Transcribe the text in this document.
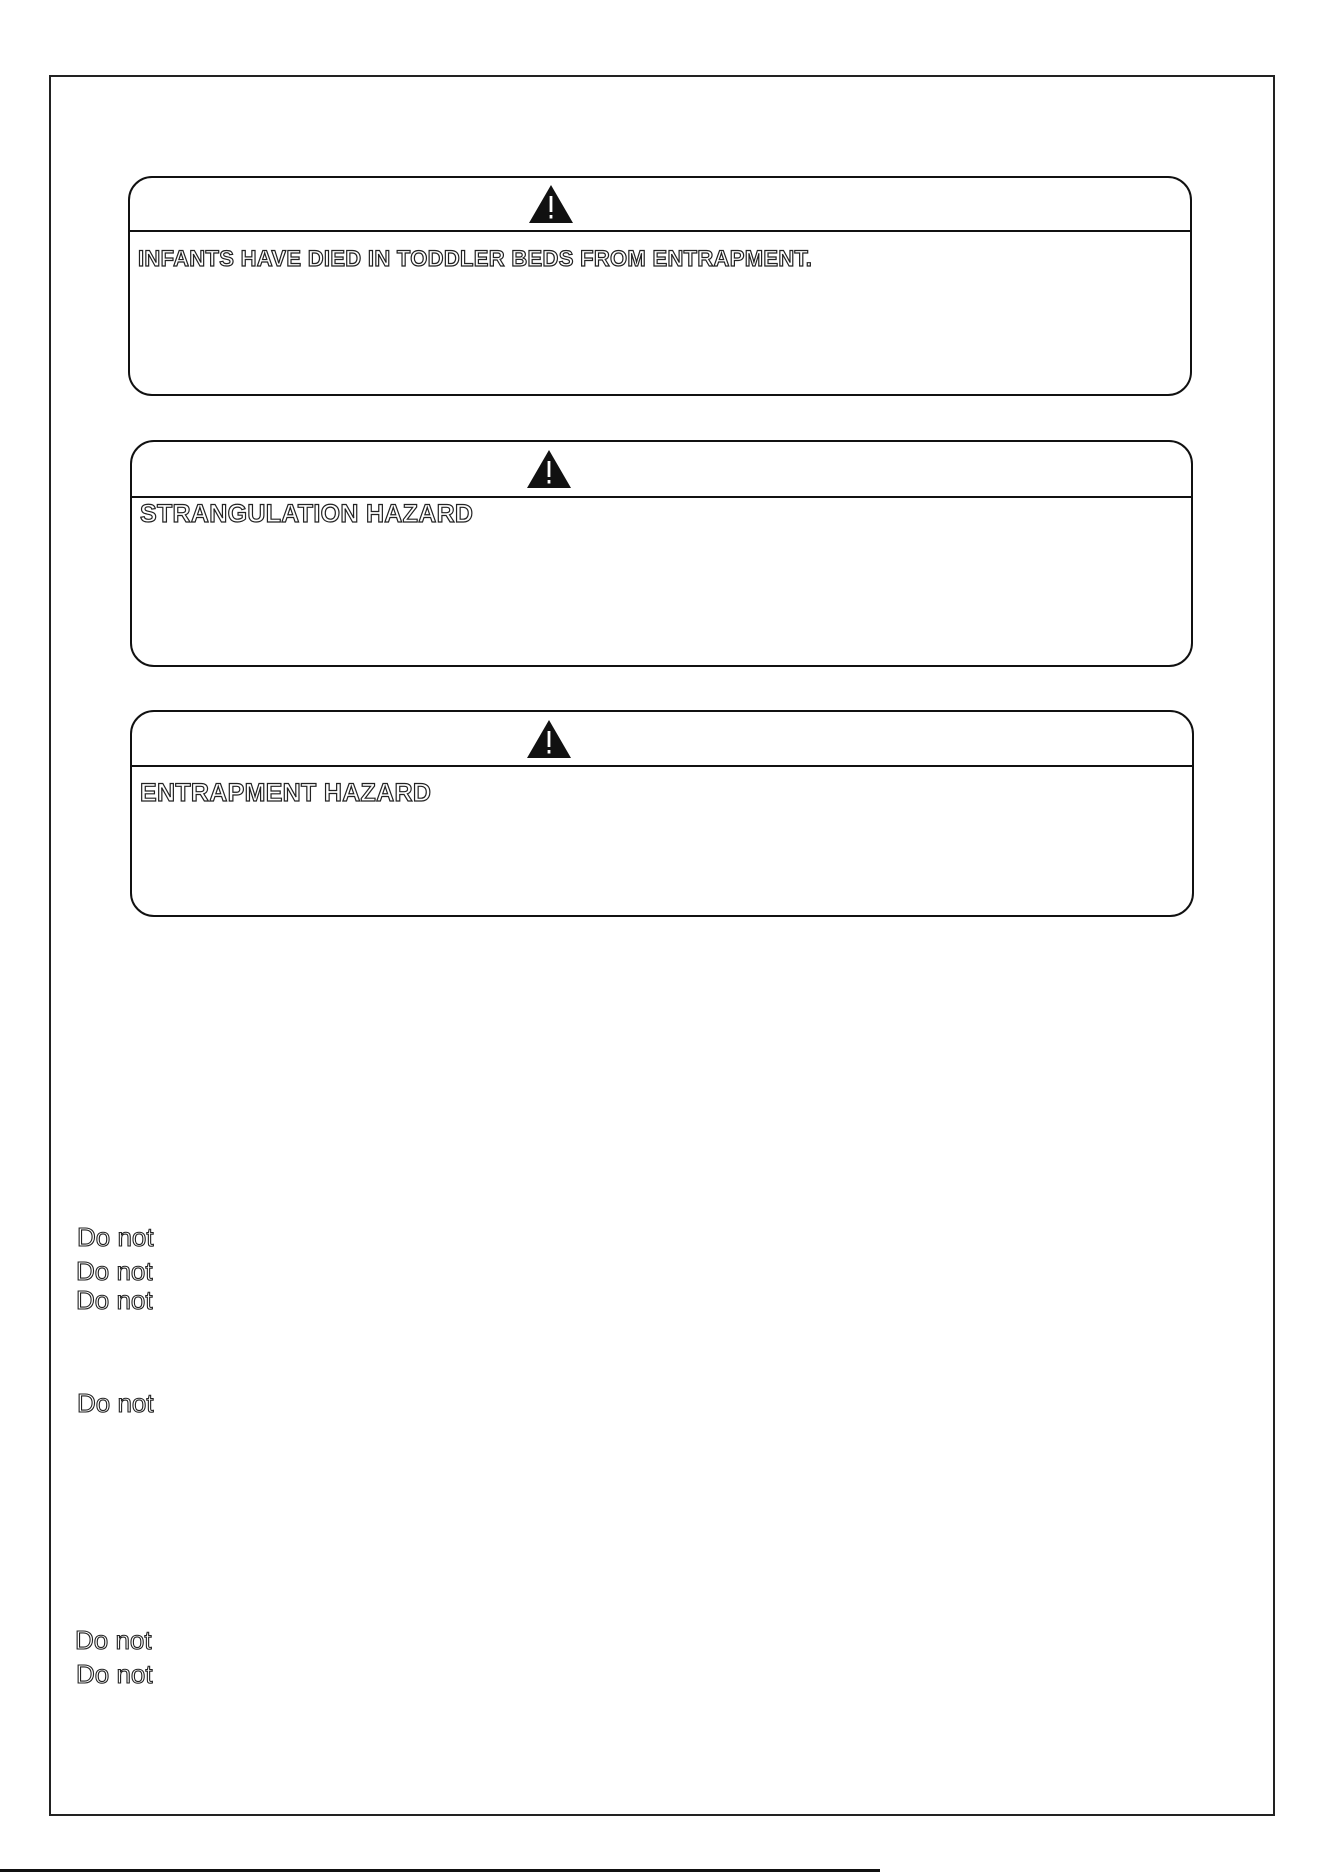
INFANTS HAVE DIED IN TODDLER BEDS FROM ENTRAPMENT.

STRANGULATION HAZARD

ENTRAPMENT HAZARD

Do not

Do not

Do not

Do not

Do not

Do not
